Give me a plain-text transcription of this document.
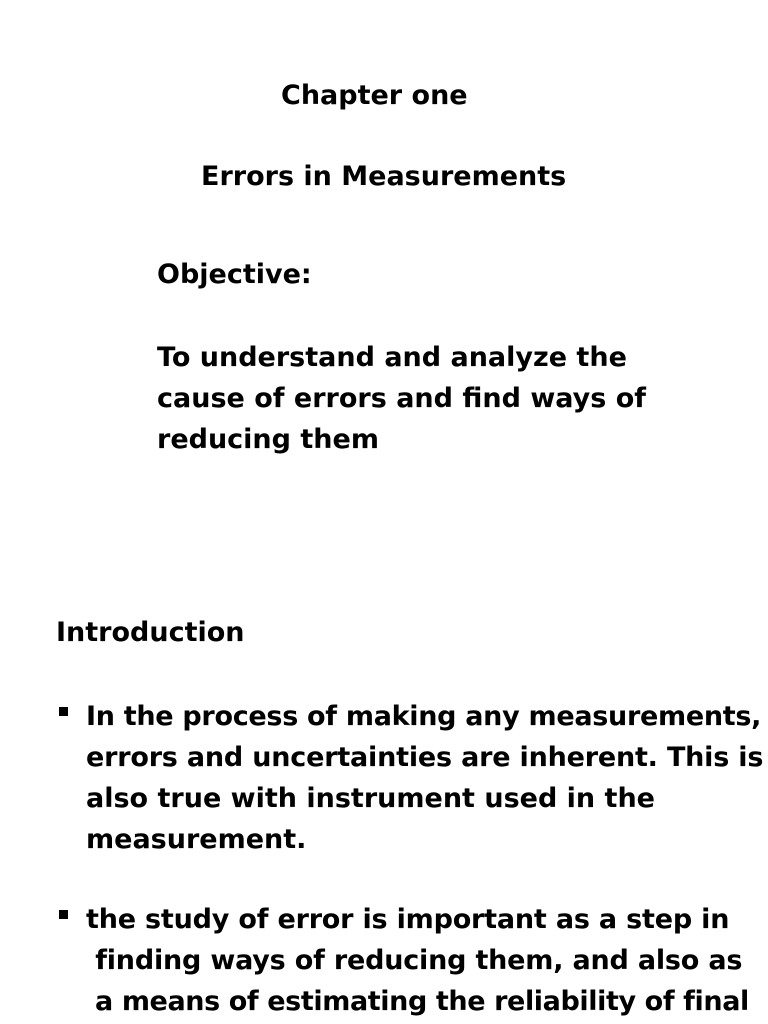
Chapter one
Errors in Measurements
Objective:
To understand and analyze the
cause of errors and find ways of
reducing them
Introduction
In the process of making any measurements,
errors and uncertainties are inherent. This is
also true with instrument used in the
measurement.
the study of error is important as a step in
finding ways of reducing them, and also as
a means of estimating the reliability of final
